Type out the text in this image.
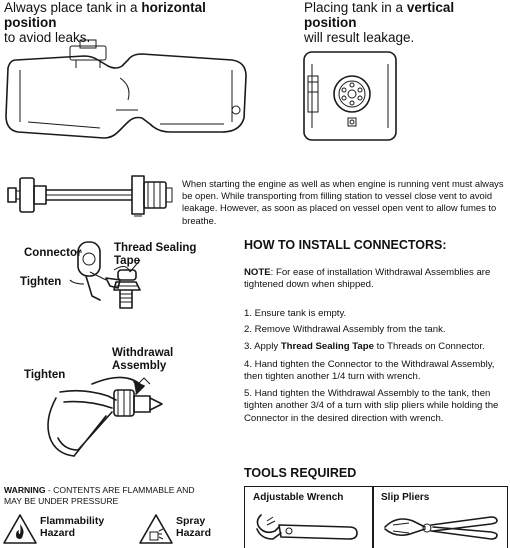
Always place tank in a horizontal position
to aviod leaks.
Placing tank in a vertical position
will result leakage.
When starting the engine as well as when engine is running vent must always be open. While transporting from filling station to vessel close vent to avoid leakage. However, as soon as placed on vessel open vent to allow fumes to breathe.
Connector	Thread Sealing
Tape
Tighten
Withdrawal
Assembly
Tighten
HOW TO INSTALL CONNECTORS:
NOTE: For ease of installation Withdrawal Assemblies are tightened down when shipped.
1. Ensure tank is empty.
2. Remove Withdrawal Assembly from the tank.
3. Apply Thread Sealing Tape to Threads on Connector.
4. Hand tighten the Connector to the Withdrawal Assembly, then tighten another 1/4 turn with wrench.
5. Hand tighten the Withdrawal Assembly to the tank, then tighten another 3/4 of a turn with slip pliers while holding the Connector in the desired direction with wrench.
WARNING - CONTENTS ARE FLAMMABLE AND MAY BE UNDER PRESSURE
Flammability
Hazard
Spray
Hazard
TOOLS REQUIRED
Adjustable Wrench	Slip Pliers
